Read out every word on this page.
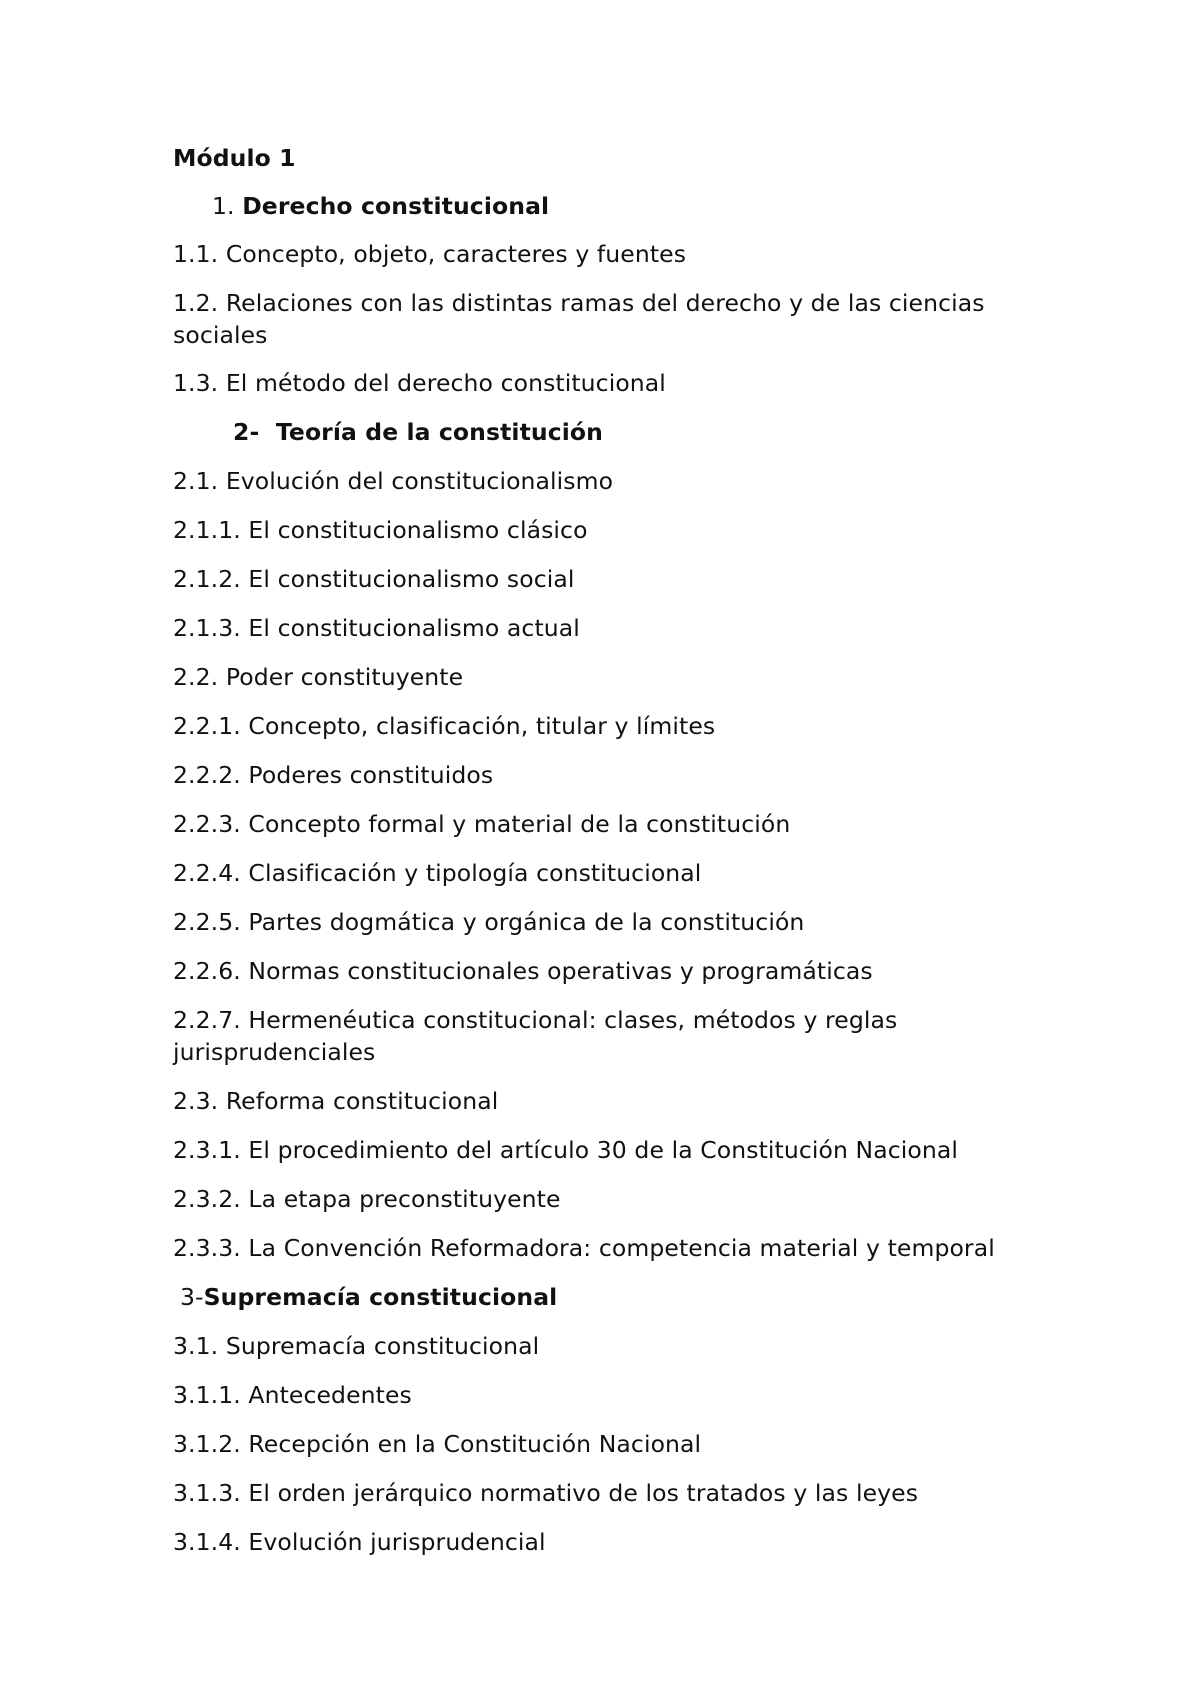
Módulo 1
1. Derecho constitucional
1.1. Concepto, objeto, caracteres y fuentes
1.2. Relaciones con las distintas ramas del derecho y de las ciencias sociales
1.3. El método del derecho constitucional
2- Teoría de la constitución
2.1. Evolución del constitucionalismo
2.1.1. El constitucionalismo clásico
2.1.2. El constitucionalismo social
2.1.3. El constitucionalismo actual
2.2. Poder constituyente
2.2.1. Concepto, clasificación, titular y límites
2.2.2. Poderes constituidos
2.2.3. Concepto formal y material de la constitución
2.2.4. Clasificación y tipología constitucional
2.2.5. Partes dogmática y orgánica de la constitución
2.2.6. Normas constitucionales operativas y programáticas
2.2.7. Hermenéutica constitucional: clases, métodos y reglas jurisprudenciales
2.3. Reforma constitucional
2.3.1. El procedimiento del artículo 30 de la Constitución Nacional
2.3.2. La etapa preconstituyente
2.3.3. La Convención Reformadora: competencia material y temporal
3-Supremacía constitucional
3.1. Supremacía constitucional
3.1.1. Antecedentes
3.1.2. Recepción en la Constitución Nacional
3.1.3. El orden jerárquico normativo de los tratados y las leyes
3.1.4. Evolución jurisprudencial
